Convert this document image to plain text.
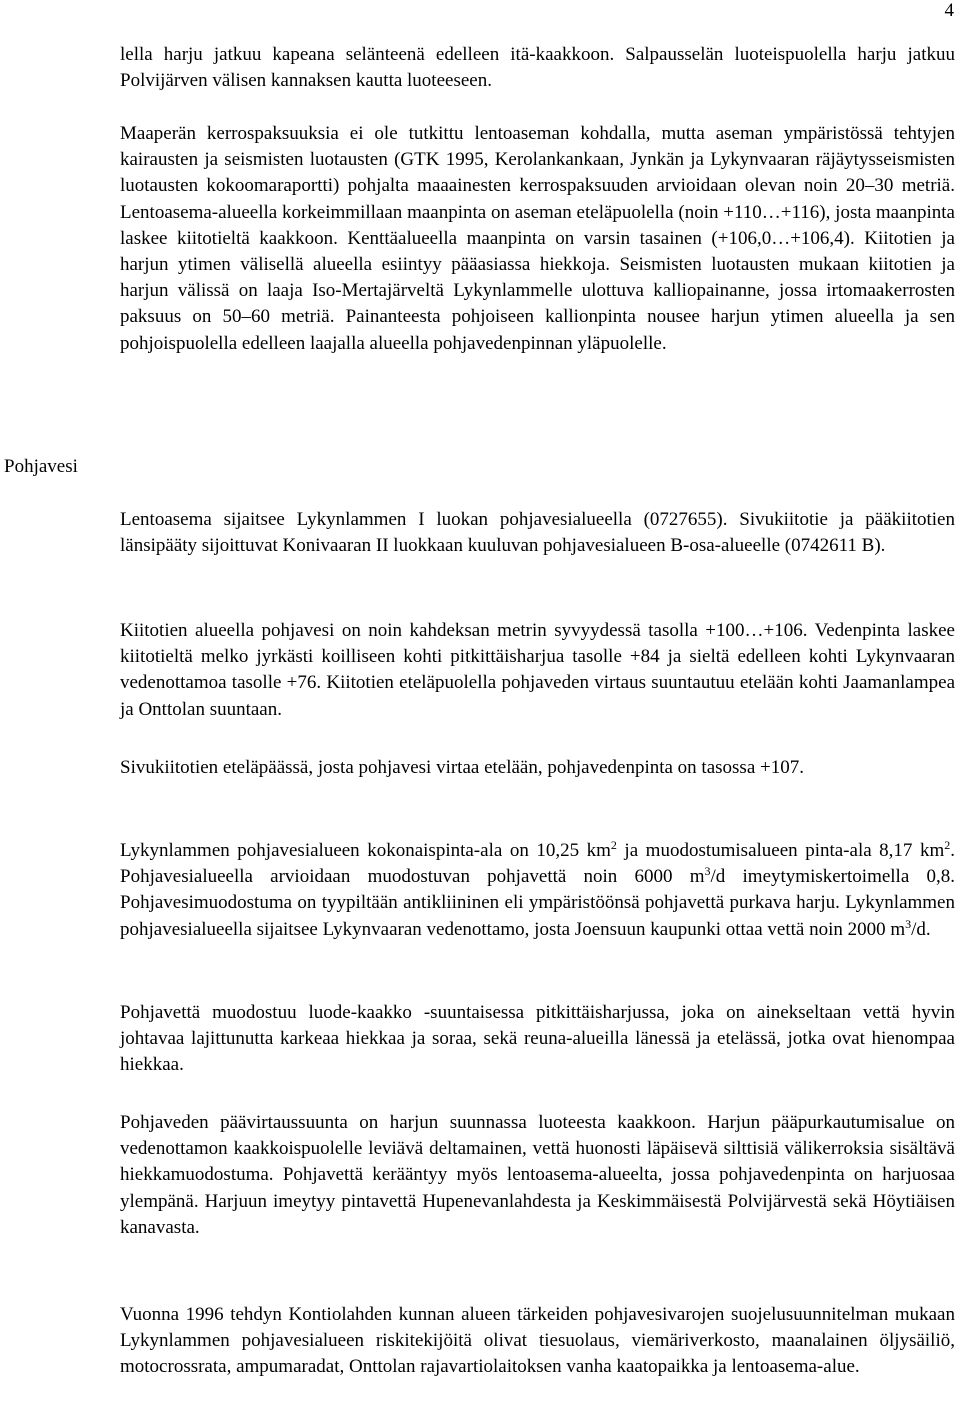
4
Pohjavesi

lella harju jatkuu kapeana selänteenä edelleen itä-kaakkoon. Salpausselän luoteispuolella harju jatkuu Polvijärven välisen kannaksen kautta luoteeseen.

Maaperän kerrospaksuuksia ei ole tutkittu lentoaseman kohdalla, mutta aseman ympäristössä tehtyjen kairausten ja seismisten luotausten (GTK 1995, Kerolankankaan, Jynkän ja Lykynvaaran räjäytysseismisten luotausten kokoomaraportti) pohjalta maaainesten kerrospaksuuden arvioidaan olevan noin 20–30 metriä. Lentoasema-alueella korkeimmillaan maanpinta on aseman eteläpuolella (noin +110…+116), josta maanpinta laskee kiitotieltä kaakkoon. Kenttäalueella maanpinta on varsin tasainen (+106,0…+106,4). Kiitotien ja harjun ytimen välisellä alueella esiintyy pääasiassa hiekkoja. Seismisten luotausten mukaan kiitotien ja harjun välissä on laaja Iso-Mertajärveltä Lykynlammelle ulottuva kalliopainanne, jossa irtomaakerrosten paksuus on 50–60 metriä. Painanteesta pohjoiseen kallionpinta nousee harjun ytimen alueella ja sen pohjoispuolella edelleen laajalla alueella pohjavedenpinnan yläpuolelle.

Lentoasema sijaitsee Lykynlammen I luokan pohjavesialueella (0727655). Sivukiitotie ja pääkiitotien länsipääty sijoittuvat Konivaaran II luokkaan kuuluvan pohjavesialueen B-osa-alueelle (0742611 B).

Kiitotien alueella pohjavesi on noin kahdeksan metrin syvyydessä tasolla +100…+106. Vedenpinta laskee kiitotieltä melko jyrkästi koilliseen kohti pitkittäisharjua tasolle +84 ja sieltä edelleen kohti Lykynvaaran vedenottamoa tasolle +76. Kiitotien eteläpuolella pohjaveden virtaus suuntautuu etelään kohti Jaamanlampea ja Onttolan suuntaan.

Sivukiitotien eteläpäässä, josta pohjavesi virtaa etelään, pohjavedenpinta on tasossa +107.

Lykynlammen pohjavesialueen kokonaispinta-ala on 10,25 $km^2$ ja muodostumisalueen pinta-ala 8,17 $km^2$. Pohjavesialueella arvioidaan muodostuvan pohjavettä noin 6000 $m^3/d$ imeytymiskertoimella 0,8. Pohjavesimuodostuma on tyypiltään antikliininen eli ympäristöönsä pohjavettä purkava harju. Lykynlammen pohjavesialueella sijaitsee Lykynvaaran vedenottamo, josta Joensuun kaupunki ottaa vettä noin 2000 $m^3/d$.

Pohjavettä muodostuu luode-kaakko -suuntaisessa pitkittäisharjussa, joka on ainekseltaan vettä hyvin johtavaa lajittunutta karkeaa hiekkaa ja soraa, sekä reuna-alueilla länessä ja etelässä, jotka ovat hienompaa hiekkaa.

Pohjaveden päävirtaussuunta on harjun suunnassa luoteesta kaakkoon. Harjun pääpurkautumisalue on vedenottamon kaakkoispuolelle leviävä deltamainen, vettä huonosti läpäisevä silttisiä välikerroksia sisältävä hiekkamuodostuma. Pohjavettä kerääntyy myös lentoasema-alueelta, jossa pohjavedenpinta on harjuosaa ylempänä. Harjuun imeytyy pintavettä Hupenevanlahdesta ja Keskimmäisestä Polvijärvestä sekä Höytiäisen kanavasta.

Vuonna 1996 tehdyn Kontiolahden kunnan alueen tärkeiden pohjavesivarojen suojelusuunnitelman mukaan Lykynlammen pohjavesialueen riskitekijöitä olivat tiesuolaus, viemäriverkosto, maanalainen öljysäiliö, motocrossrata, ampumaradat, Onttolan rajavartiolaitoksen vanha kaatopaikka ja lentoasema-alue.
